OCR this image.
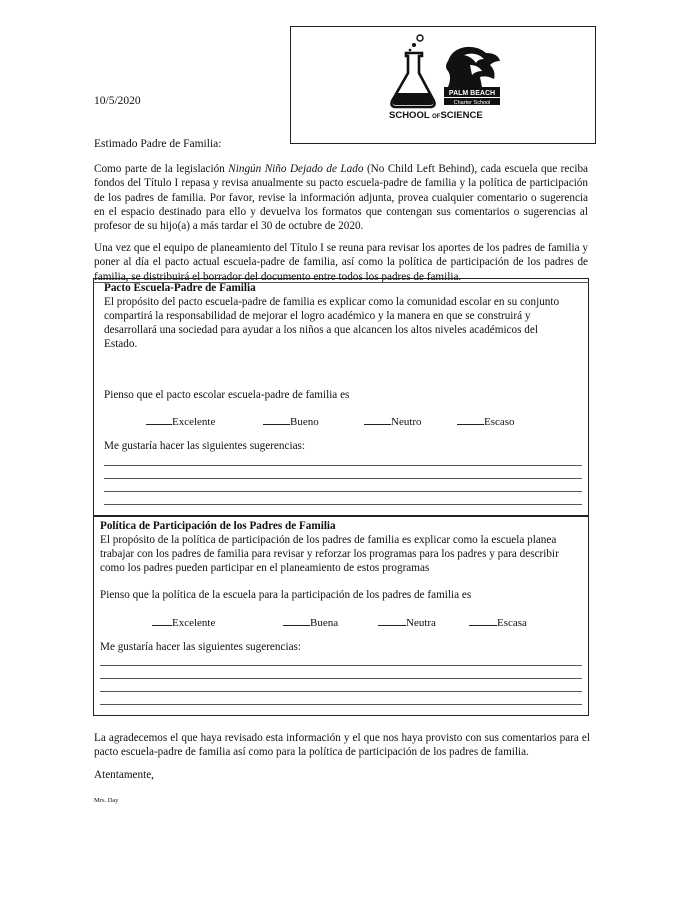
PALM BEACH
Charter School
SCHOOL OFSCIENCE
10/5/2020
Estimado Padre de Familia:
Como parte de la legislación Ningún Niño Dejado de Lado (No Child Left Behind), cada escuela que reciba fondos del Título I repasa y revisa anualmente su pacto escuela-padre de familia y la política de participación de los padres de familia. Por favor, revise la información adjunta, provea cualquier comentario o sugerencia en el espacio destinado para ello y devuelva los formatos que contengan sus comentarios o sugerencias al profesor de su hijo(a) a más tardar el 30 de octubre de 2020.
Una vez que el equipo de planeamiento del Título I se reuna para revisar los aportes de los padres de familia y poner al día el pacto actual escuela-padre de familia, así como la política de participación de los padres de familia, se distribuirá el borrador del documento entre todos los padres de familia.
Pacto Escuela-Padre de Familia
El propósito del pacto escuela-padre de familia es explicar como la comunidad escolar en su conjunto
compartirá la responsabilidad de mejorar el logro académico y la manera en que se construirá y
desarrollará una sociedad para ayudar a los niños a que alcancen los altos niveles académicos del
Estado.
Pienso que el pacto escolar escuela-padre de familia es
Excelente	Bueno	Neutro	Escaso
Me gustaría hacer las siguientes sugerencias:
Política de Participación de los Padres de Familia
El propósito de la política de participación de los padres de familia es explicar como la escuela planea
trabajar con los padres de familia para revisar y reforzar los programas para los padres y para describir
como los padres pueden participar en el planeamiento de estos programas
Pienso que la política de la escuela para la participación de los padres de familia es
Excelente	Buena	Neutra	Escasa
Me gustaría hacer las siguientes sugerencias:
La agradecemos el que haya revisado esta información y el que nos haya provisto con sus comentarios para el pacto escuela-padre de familia así como para la política de participación de los padres de familia.
Atentamente,
Mrs. Day
